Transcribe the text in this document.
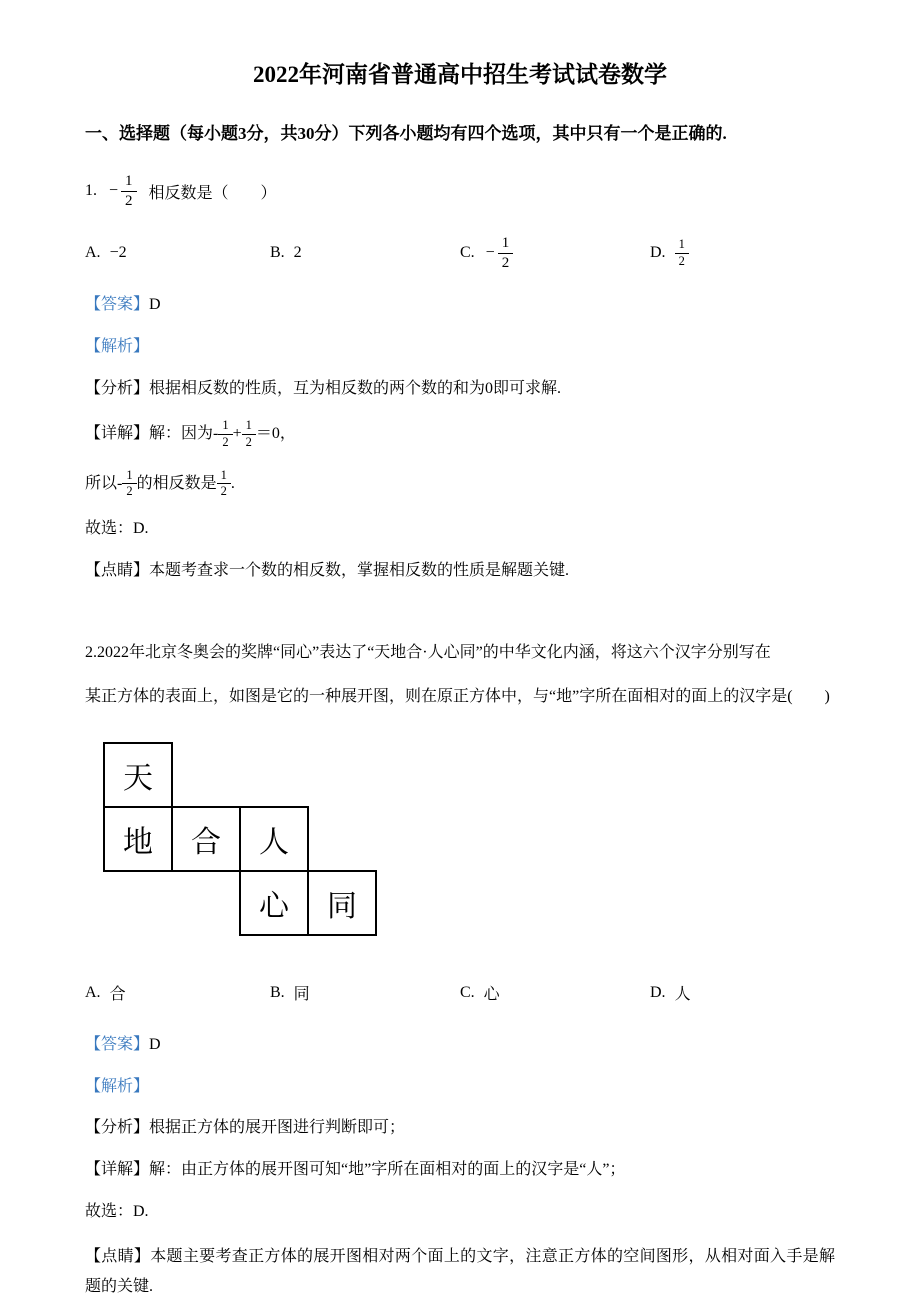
2022年河南省普通高中招生考试试卷数学
一、选择题（每小题3分，共30分）下列各小题均有四个选项，其中只有一个是正确的.
1. − $\frac{1}{2}$ 相反数是（　　）
A. −2	B. 2	C. − $\frac{1}{2}$	D. $\frac{1}{2}$
【答案】D
【解析】
【分析】根据相反数的性质，互为相反数的两个数的和为0即可求解.
【详解】解：因为- $\frac{1}{2} + \frac{1}{2} =0$，
所以- $\frac{1}{2}$ 的相反数是 $\frac{1}{2}$ .
故选：D.
【点睛】本题考查求一个数的相反数，掌握相反数的性质是解题关键.
2.2022年北京冬奥会的奖牌“同心”表达了“天地合·人心同”的中华文化内涵，将这六个汉字分别写在
某正方体的表面上，如图是它的一种展开图，则在原正方体中，与“地”字所在面相对的面上的汉字是(　　)
天
地	合	人
心	同
A. 合	B. 同	C. 心	D. 人
【答案】D
【解析】
【分析】根据正方体的展开图进行判断即可；
【详解】解：由正方体的展开图可知“地”字所在面相对的面上的汉字是“人”；
故选：D.
【点睛】本题主要考查正方体的展开图相对两个面上的文字，注意正方体的空间图形，从相对面入手是解题的关键.
